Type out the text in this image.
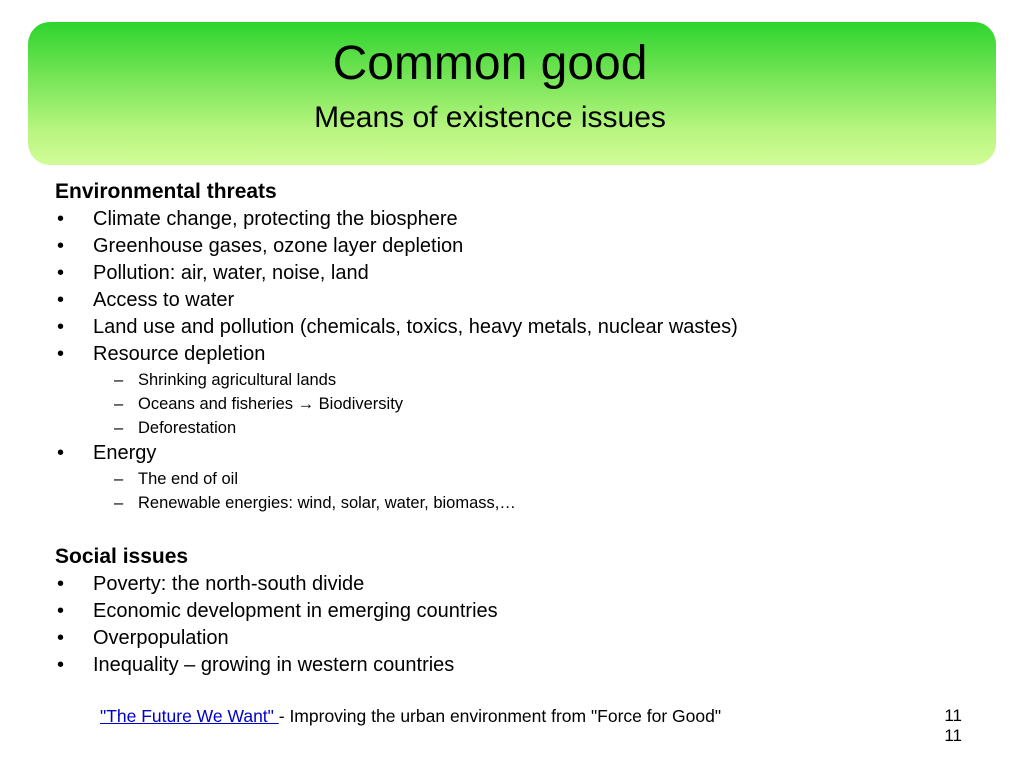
Common good
Means of existence issues
Environmental threats
• Climate change, protecting the biosphere
• Greenhouse gases, ozone layer depletion
• Pollution: air, water, noise, land
• Access to water
• Land use and pollution (chemicals, toxics, heavy metals, nuclear wastes)
• Resource depletion
– Shrinking agricultural lands
– Oceans and fisheries → Biodiversity
– Deforestation
• Energy
– The end of oil
– Renewable energies: wind, solar, water, biomass,…
Social issues
• Poverty: the north-south divide
• Economic development in emerging countries
• Overpopulation
• Inequality – growing in western countries
"The Future We Want" - Improving the urban environment from "Force for Good"	11
11
